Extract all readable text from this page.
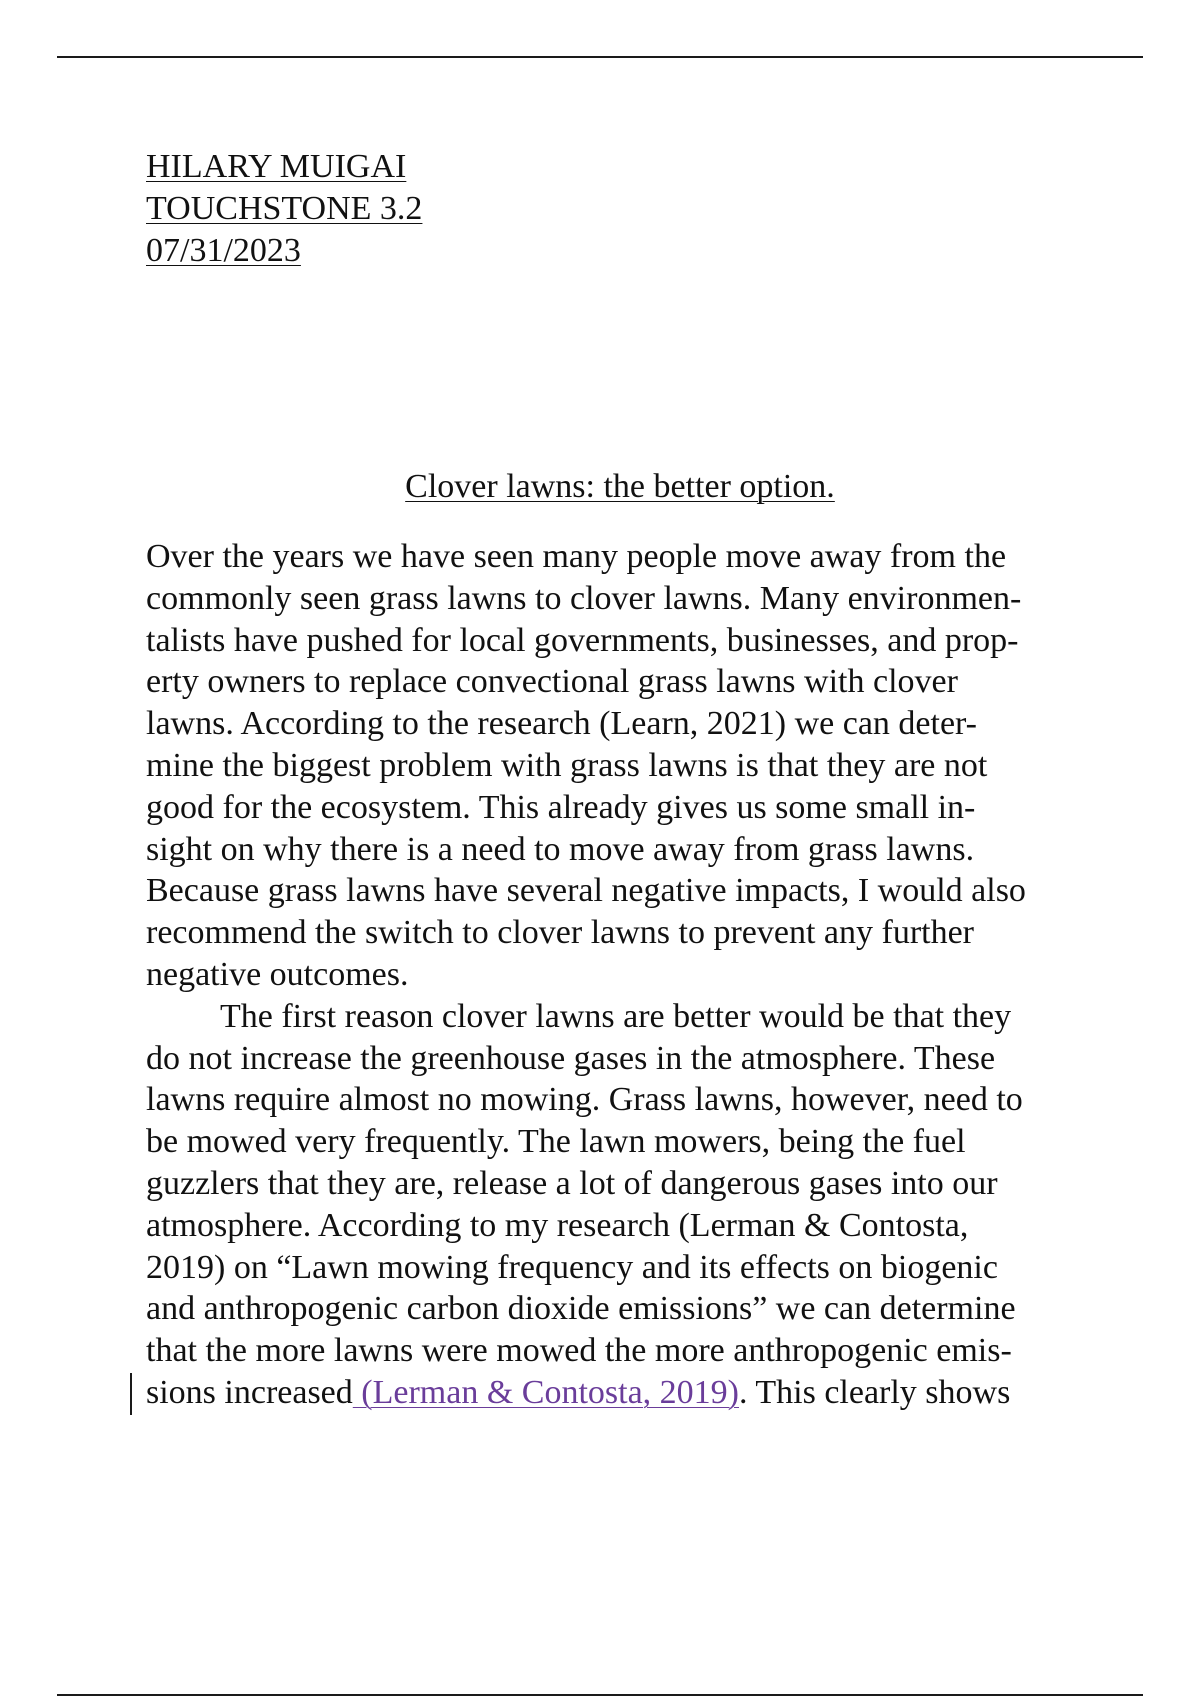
HILARY MUIGAI
TOUCHSTONE 3.2
07/31/2023
Clover lawns: the better option.
Over the years we have seen many people move away from the
commonly seen grass lawns to clover lawns. Many environmen-
talists have pushed for local governments, businesses, and prop-
erty owners to replace convectional grass lawns with clover
lawns. According to the research (Learn, 2021) we can deter-
mine the biggest problem with grass lawns is that they are not
good for the ecosystem. This already gives us some small in-
sight on why there is a need to move away from grass lawns.
Because grass lawns have several negative impacts, I would also
recommend the switch to clover lawns to prevent any further
negative outcomes.
The first reason clover lawns are better would be that they
do not increase the greenhouse gases in the atmosphere. These
lawns require almost no mowing. Grass lawns, however, need to
be mowed very frequently. The lawn mowers, being the fuel
guzzlers that they are, release a lot of dangerous gases into our
atmosphere. According to my research (Lerman & Contosta,
2019) on “Lawn mowing frequency and its effects on biogenic
and anthropogenic carbon dioxide emissions” we can determine
that the more lawns were mowed the more anthropogenic emis-
sions increased (Lerman & Contosta, 2019). This clearly shows
